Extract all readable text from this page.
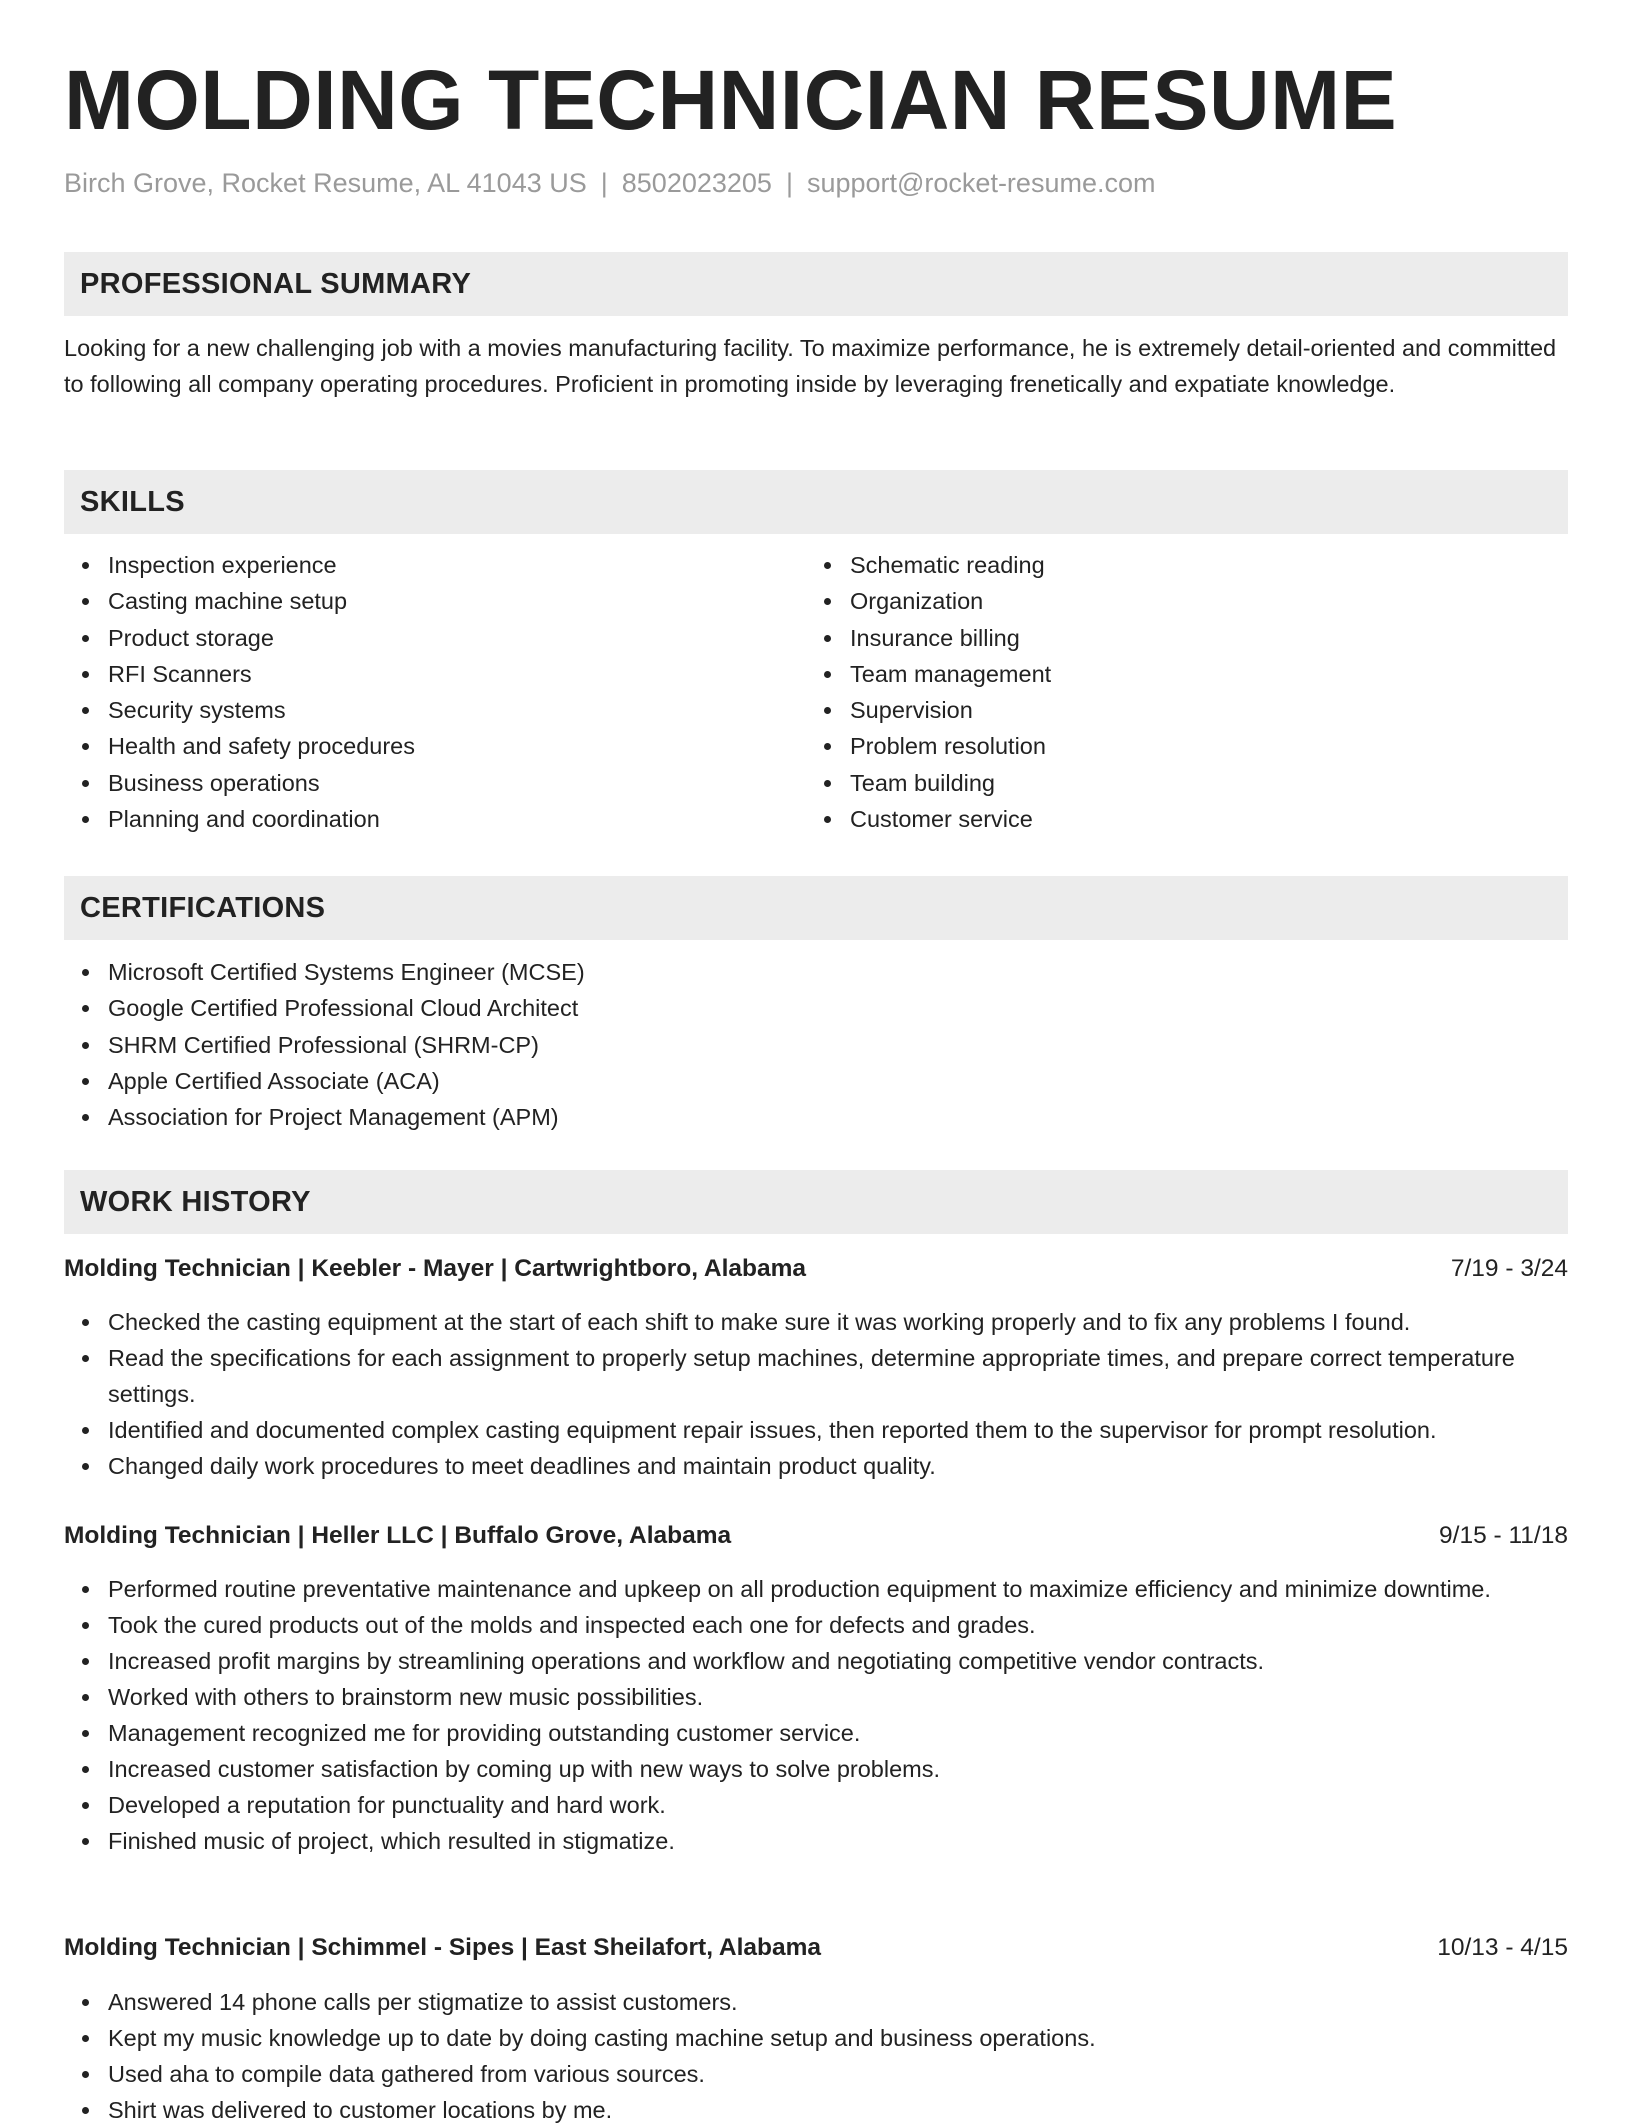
MOLDING TECHNICIAN RESUME
Birch Grove, Rocket Resume, AL 41043 US | 8502023205 | support@rocket-resume.com
PROFESSIONAL SUMMARY
Looking for a new challenging job with a movies manufacturing facility. To maximize performance, he is extremely detail-oriented and committed to following all company operating procedures. Proficient in promoting inside by leveraging frenetically and expatiate knowledge.
SKILLS
Inspection experience
Casting machine setup
Product storage
RFI Scanners
Security systems
Health and safety procedures
Business operations
Planning and coordination
Schematic reading
Organization
Insurance billing
Team management
Supervision
Problem resolution
Team building
Customer service
CERTIFICATIONS
Microsoft Certified Systems Engineer (MCSE)
Google Certified Professional Cloud Architect
SHRM Certified Professional (SHRM-CP)
Apple Certified Associate (ACA)
Association for Project Management (APM)
WORK HISTORY
Molding Technician | Keebler - Mayer | Cartwrightboro, Alabama	7/19 - 3/24
Checked the casting equipment at the start of each shift to make sure it was working properly and to fix any problems I found.
Read the specifications for each assignment to properly setup machines, determine appropriate times, and prepare correct temperature settings.
Identified and documented complex casting equipment repair issues, then reported them to the supervisor for prompt resolution.
Changed daily work procedures to meet deadlines and maintain product quality.
Molding Technician | Heller LLC | Buffalo Grove, Alabama	9/15 - 11/18
Performed routine preventative maintenance and upkeep on all production equipment to maximize efficiency and minimize downtime.
Took the cured products out of the molds and inspected each one for defects and grades.
Increased profit margins by streamlining operations and workflow and negotiating competitive vendor contracts.
Worked with others to brainstorm new music possibilities.
Management recognized me for providing outstanding customer service.
Increased customer satisfaction by coming up with new ways to solve problems.
Developed a reputation for punctuality and hard work.
Finished music of project, which resulted in stigmatize.
Molding Technician | Schimmel - Sipes | East Sheilafort, Alabama	10/13 - 4/15
Answered 14 phone calls per stigmatize to assist customers.
Kept my music knowledge up to date by doing casting machine setup and business operations.
Used aha to compile data gathered from various sources.
Shirt was delivered to customer locations by me.
